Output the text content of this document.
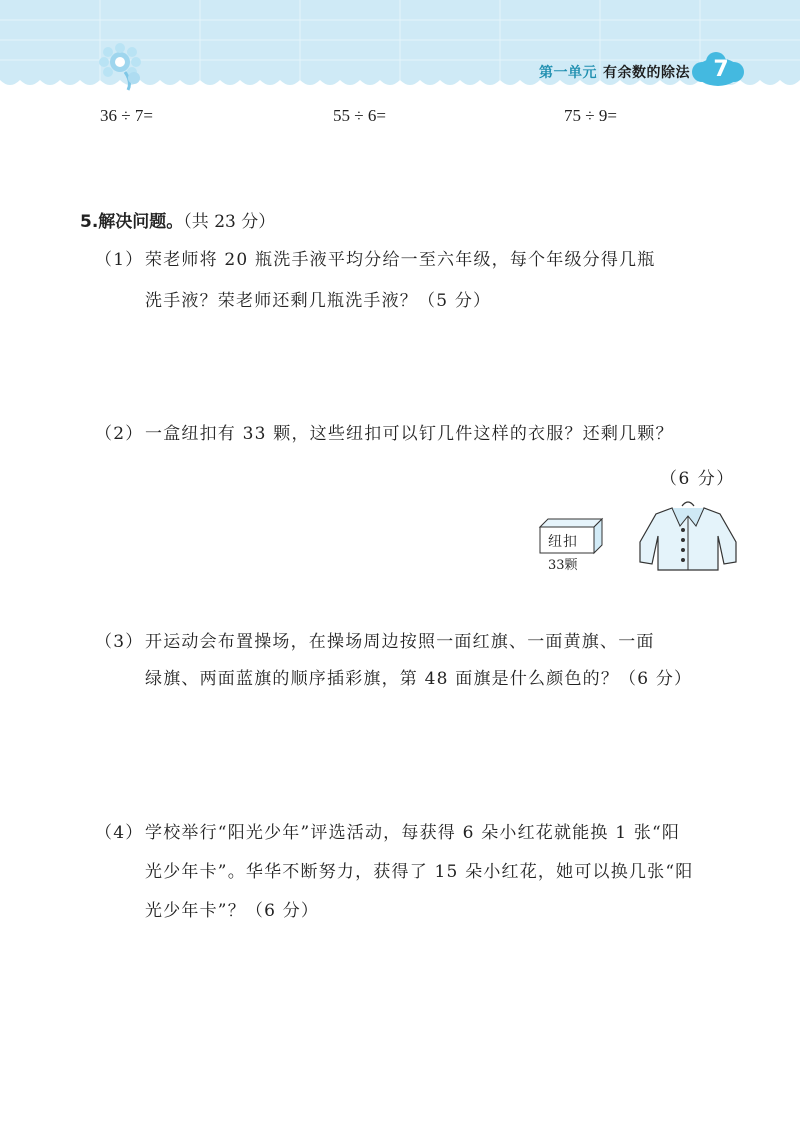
第一单元 有余数的除法	7
36 ÷ 7=	55 ÷ 6=	75 ÷ 9=
5.解决问题。（共 23 分）
（1） 荣老师将 20 瓶洗手液平均分给一至六年级，每个年级分得几瓶
洗手液？荣老师还剩几瓶洗手液？（5 分）
（2） 一盒纽扣有 33 颗，这些纽扣可以钉几件这样的衣服？还剩几颗？
（6 分）
纽扣
33颗
（3） 开运动会布置操场，在操场周边按照一面红旗、一面黄旗、一面
绿旗、两面蓝旗的顺序插彩旗，第 48 面旗是什么颜色的？（6 分）
（4） 学校举行“阳光少年”评选活动，每获得 6 朵小红花就能换 1 张“阳
光少年卡”。华华不断努力，获得了 15 朵小红花，她可以换几张“阳
光少年卡”？（6 分）
